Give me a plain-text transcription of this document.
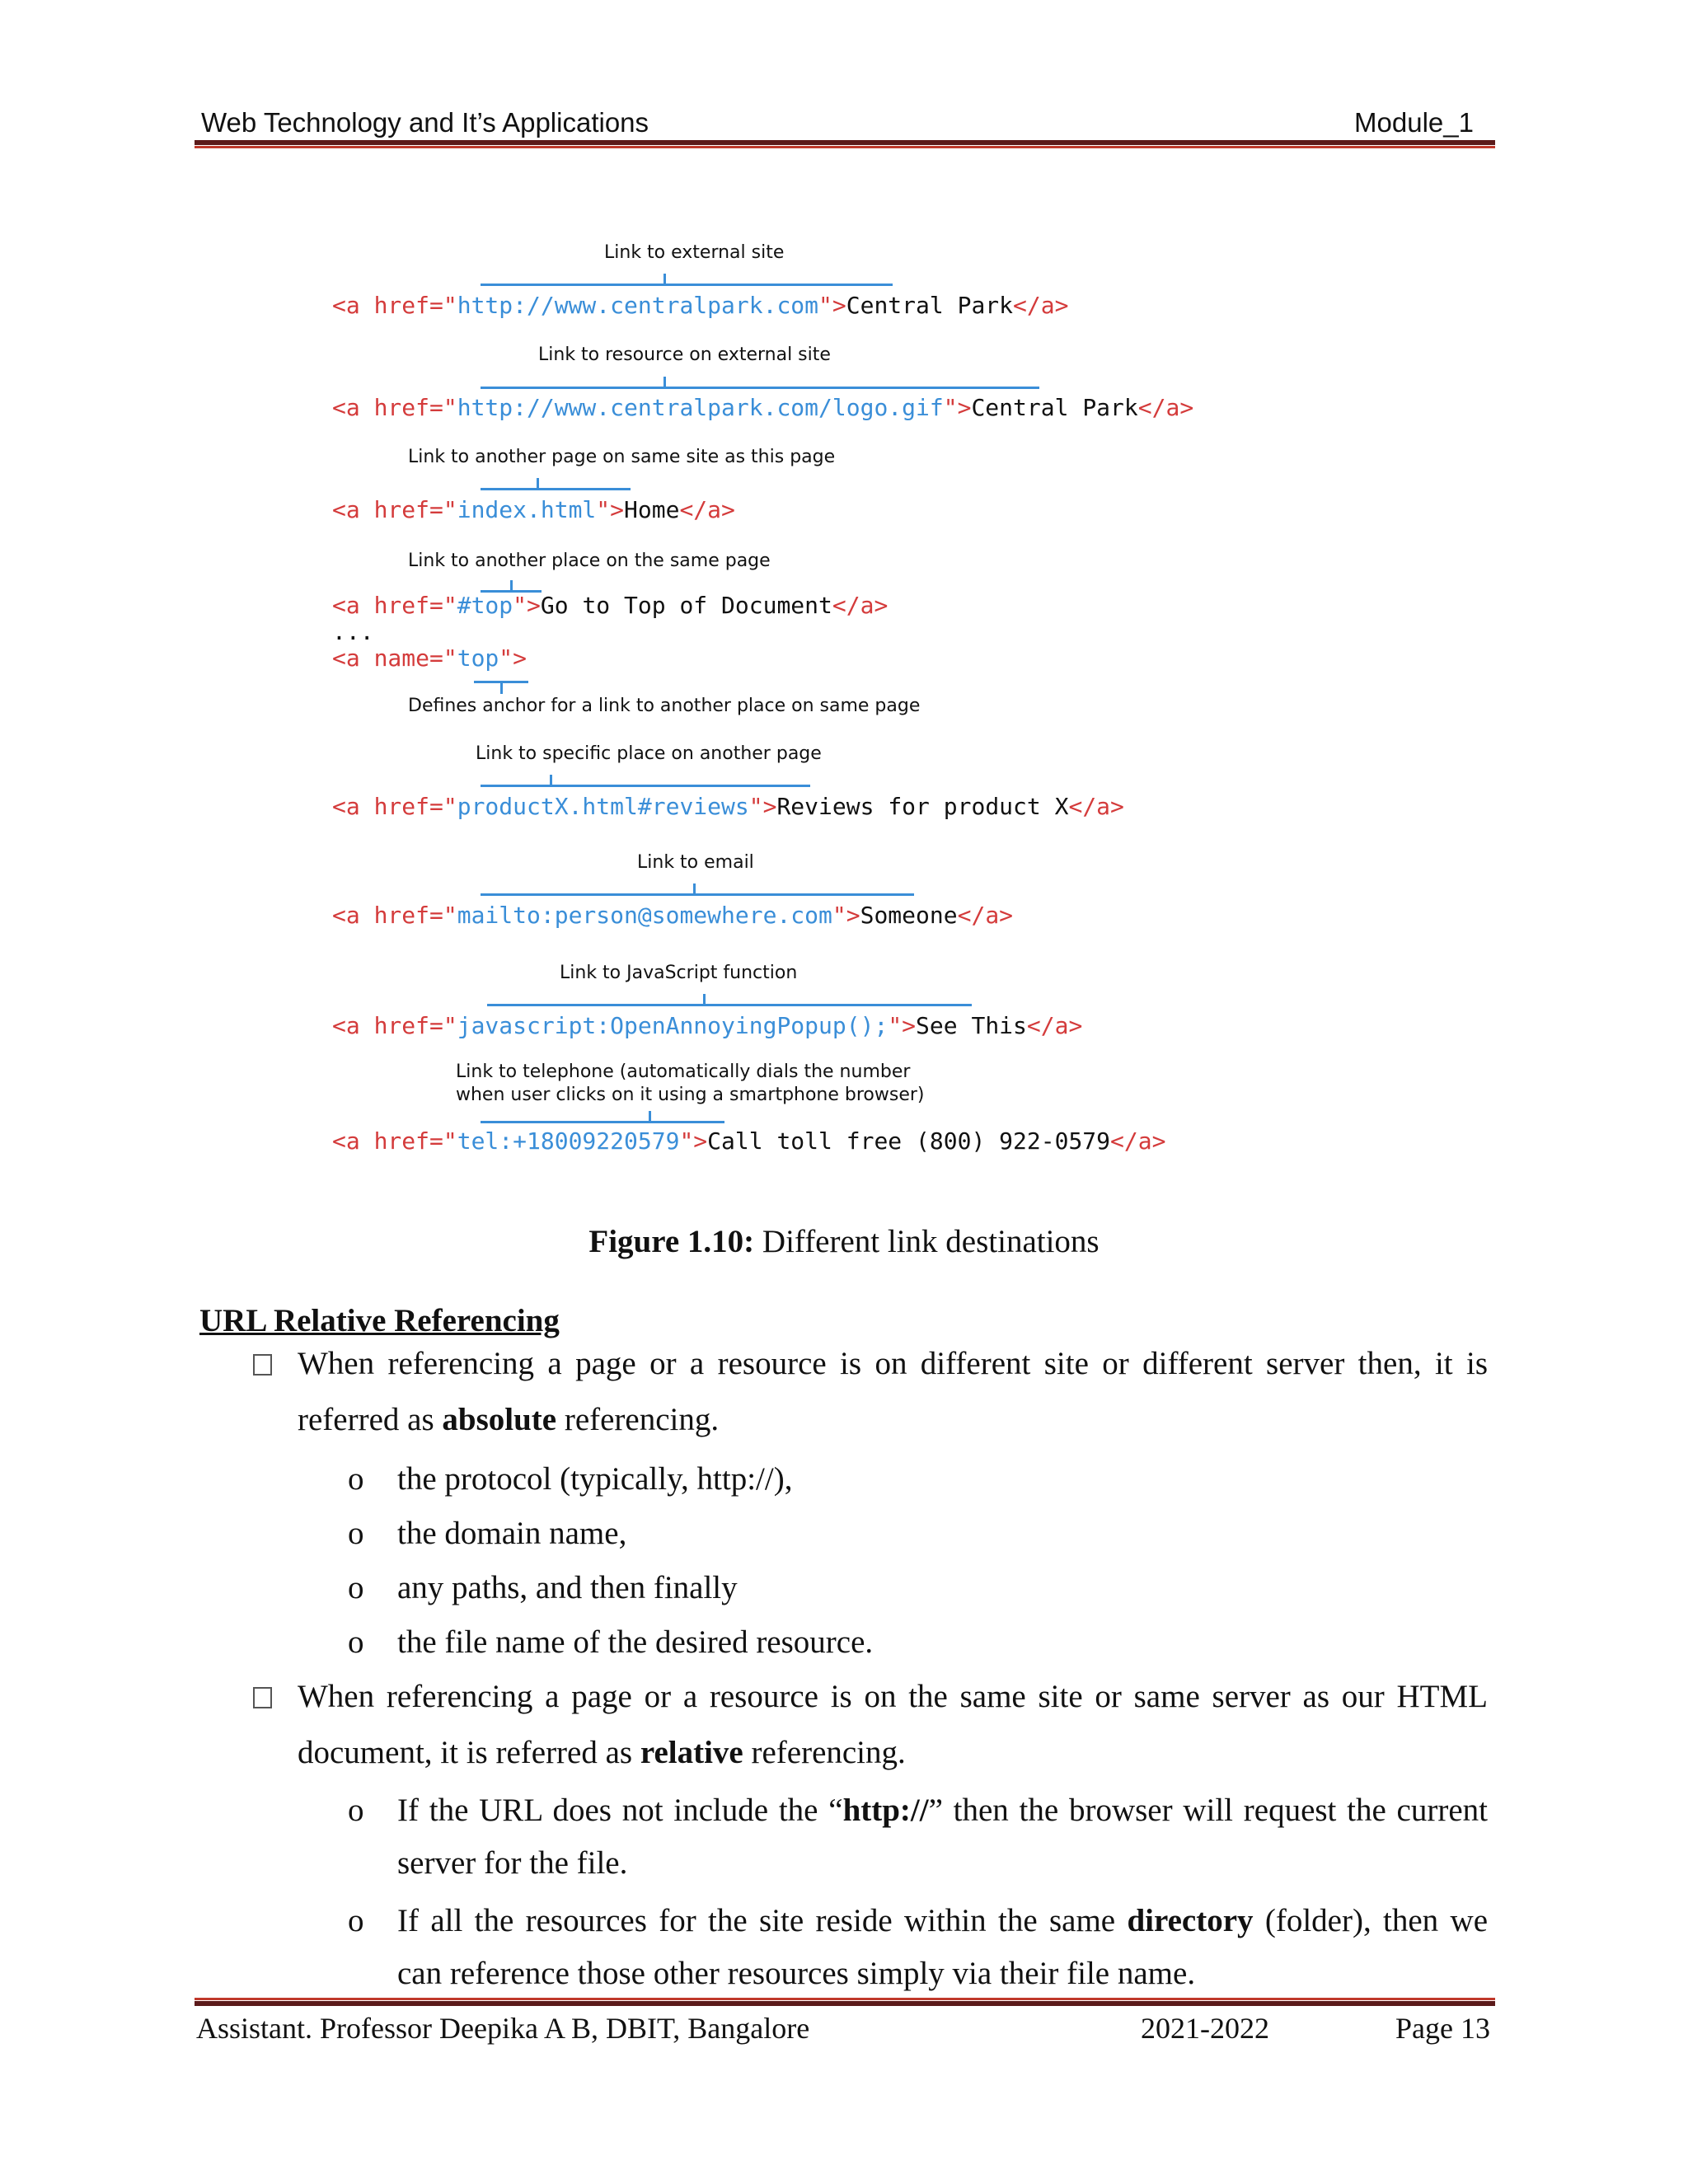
Web Technology and It’s Applications	Module_1
Link to external site
<a href="http://www.centralpark.com">Central Park</a>
Link to resource on external site
<a href="http://www.centralpark.com/logo.gif">Central Park</a>
Link to another page on same site as this page
<a href="index.html">Home</a>
Link to another place on the same page
<a href="#top">Go to Top of Document</a>
...
<a name="top">
Defines anchor for a link to another place on same page
Link to specific place on another page
<a href="productX.html#reviews">Reviews for product X</a>
Link to email
<a href="mailto:person@somewhere.com">Someone</a>
Link to JavaScript function
<a href="javascript:OpenAnnoyingPopup();">See This</a>
Link to telephone (automatically dials the number
when user clicks on it using a smartphone browser)
<a href="tel:+18009220579">Call toll free (800) 922-0579</a>
Figure 1.10: Different link destinations
URL Relative Referencing
When referencing a page or a resource is on different site or different server then, it is
referred as absolute referencing.
o the protocol (typically, http://),
o the domain name,
o any paths, and then finally
o the file name of the desired resource.
When referencing a page or a resource is on the same site or same server as our HTML
document, it is referred as relative referencing.
o If the URL does not include the “http://” then the browser will request the current
server for the file.
o If all the resources for the site reside within the same directory (folder), then we
can reference those other resources simply via their file name.
Assistant. Professor Deepika A B, DBIT, Bangalore	2021-2022	Page 13
